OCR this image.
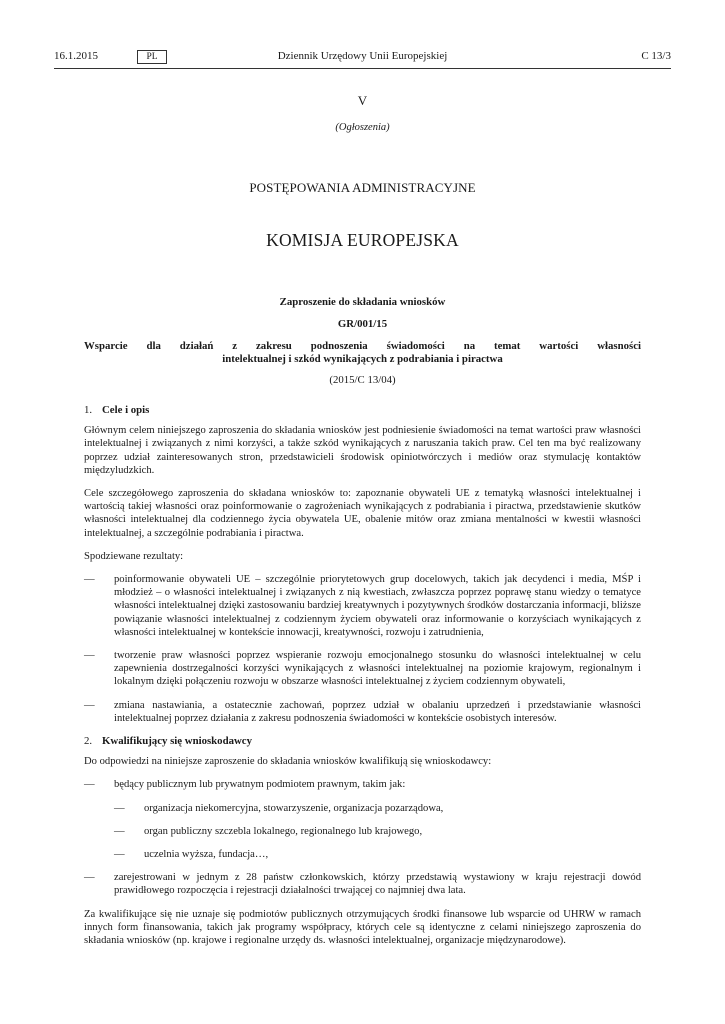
16.1.2015	PL	Dziennik Urzędowy Unii Europejskiej	C 13/3
V
(Ogłoszenia)
POSTĘPOWANIA ADMINISTRACYJNE
KOMISJA EUROPEJSKA
Zaproszenie do składania wniosków
GR/001/15
Wsparcie dla działań z zakresu podnoszenia świadomości na temat wartości własności
intelektualnej i szkód wynikających z podrabiania i piractwa
(2015/C 13/04)
1. Cele i opis

Głównym celem niniejszego zaproszenia do składania wniosków jest podniesienie świadomości na temat wartości praw własności intelektualnej i związanych z nimi korzyści, a także szkód wynikających z naruszania takich praw. Cel ten ma być realizowany poprzez udział zainteresowanych stron, przedstawicieli środowisk opiniotwórczych i mediów oraz stymulację kontaktów międzyludzkich.

Cele szczegółowego zaproszenia do składana wniosków to: zapoznanie obywateli UE z tematyką własności intelektualnej i wartością takiej własności oraz poinformowanie o zagrożeniach wynikających z podrabiania i piractwa, przedstawienie skutków własności intelektualnej dla codziennego życia obywatela UE, obalenie mitów oraz zmiana mentalności w kwestii własności intelektualnej, a szczególnie podrabiania i piractwa.

Spodziewane rezultaty:

— poinformowanie obywateli UE – szczególnie priorytetowych grup docelowych, takich jak decydenci i media, MŚP i młodzież – o własności intelektualnej i związanych z nią kwestiach, zwłaszcza poprzez poprawę stanu wiedzy o tematyce własności intelektualnej dzięki zastosowaniu bardziej kreatywnych i pozytywnych środków dostarczania informacji, bliższe powiązanie własności intelektualnej z codziennym życiem obywateli oraz informowanie o korzyściach wynikających z własności intelektualnej w kontekście innowacji, kreatywności, rozwoju i zatrudnienia,
— tworzenie praw własności poprzez wspieranie rozwoju emocjonalnego stosunku do własności intelektualnej w celu zapewnienia dostrzegalności korzyści wynikających z własności intelektualnej na poziomie krajowym, regionalnym i lokalnym dzięki połączeniu rozwoju w obszarze własności intelektualnej z życiem codziennym obywateli,
— zmiana nastawiania, a ostatecznie zachowań, poprzez udział w obalaniu uprzedzeń i przedstawianie własności intelektualnej poprzez działania z zakresu podnoszenia świadomości w kontekście osobistych interesów.
2. Kwalifikujący się wnioskodawcy

Do odpowiedzi na niniejsze zaproszenie do składania wniosków kwalifikują się wnioskodawcy:

— będący publicznym lub prywatnym podmiotem prawnym, takim jak:
— organizacja niekomercyjna, stowarzyszenie, organizacja pozarządowa,
— organ publiczny szczebla lokalnego, regionalnego lub krajowego,
— uczelnia wyższa, fundacja…,
— zarejestrowani w jednym z 28 państw członkowskich, którzy przedstawią wystawiony w kraju rejestracji dowód prawidłowego rozpoczęcia i rejestracji działalności trwającej co najmniej dwa lata.

Za kwalifikujące się nie uznaje się podmiotów publicznych otrzymujących środki finansowe lub wsparcie od UHRW w ramach innych form finansowania, takich jak programy współpracy, których cele są identyczne z celami niniejszego zaproszenia do składania wniosków (np. krajowe i regionalne urzędy ds. własności intelektualnej, organizacje międzynarodowe).
